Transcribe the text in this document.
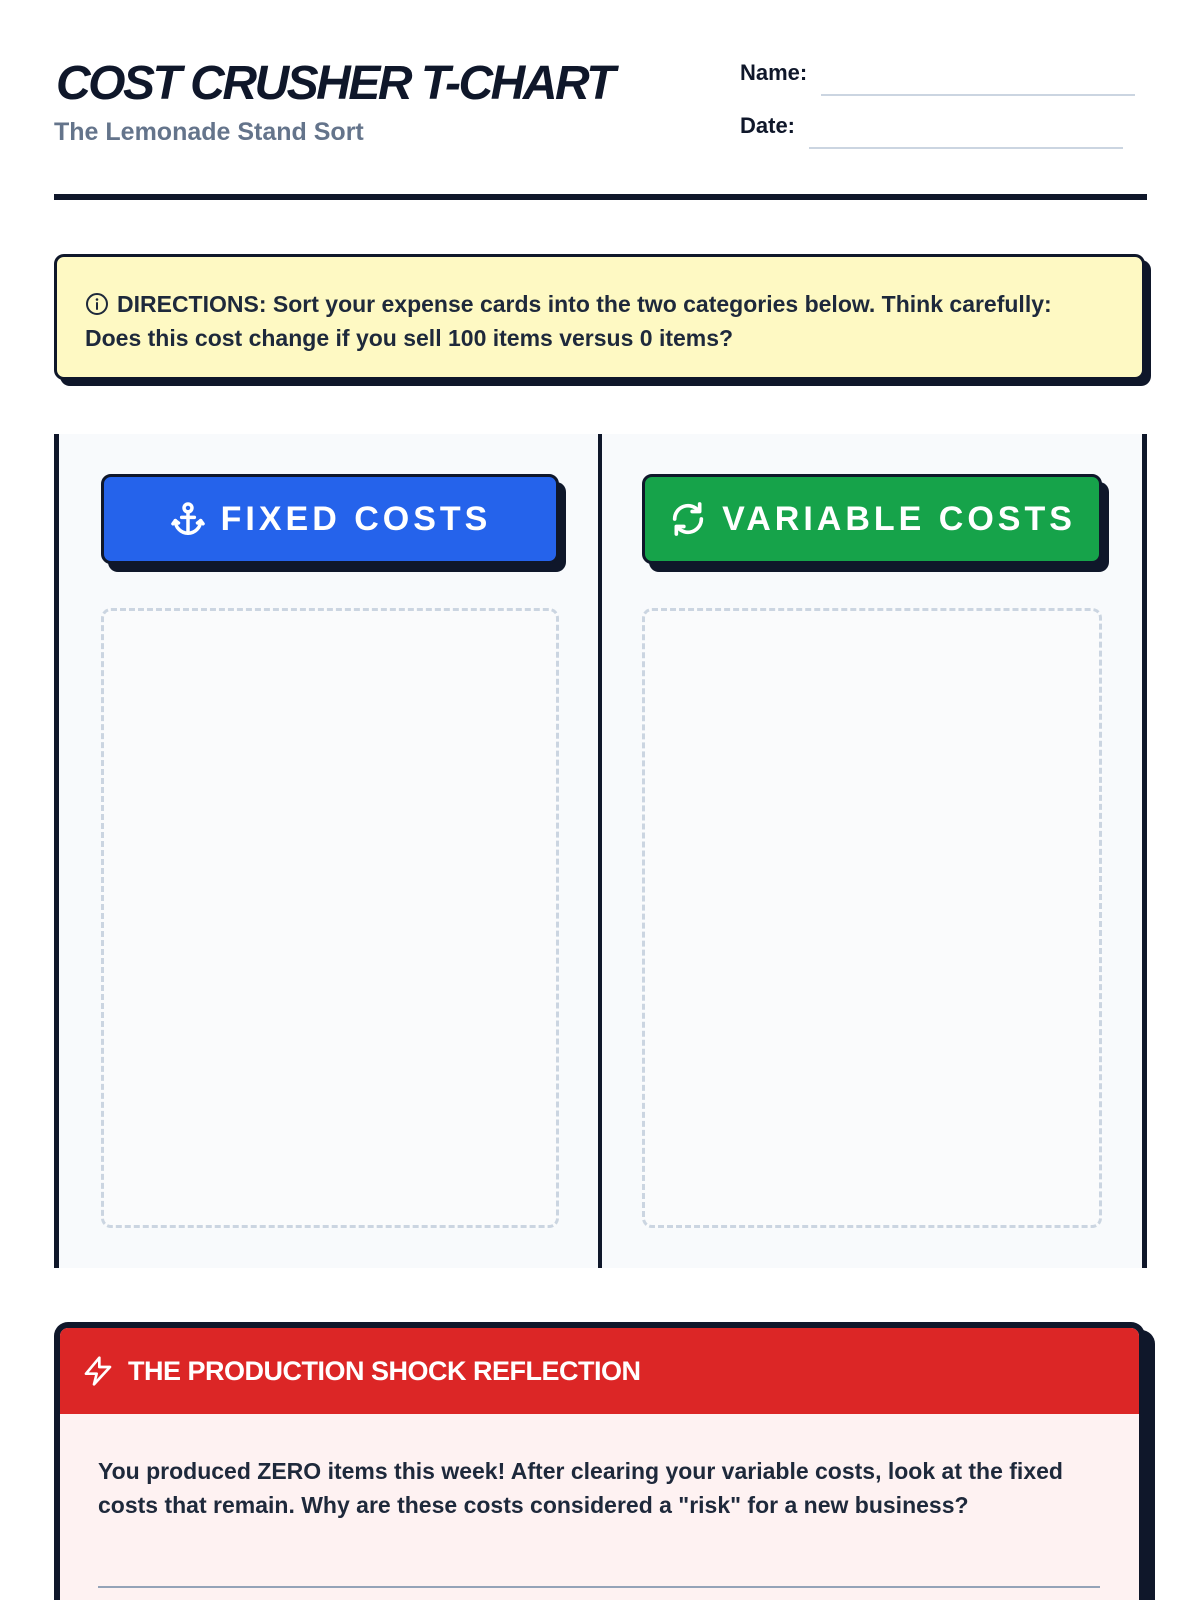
COST CRUSHER T-CHART
The Lemonade Stand Sort
Name:
Date:
DIRECTIONS: Sort your expense cards into the two categories below. Think carefully: Does this cost change if you sell 100 items versus 0 items?
FIXED COSTS	VARIABLE COSTS
THE PRODUCTION SHOCK REFLECTION
You produced ZERO items this week! After clearing your variable costs, look at the fixed costs that remain. Why are these costs considered a "risk" for a new business?
